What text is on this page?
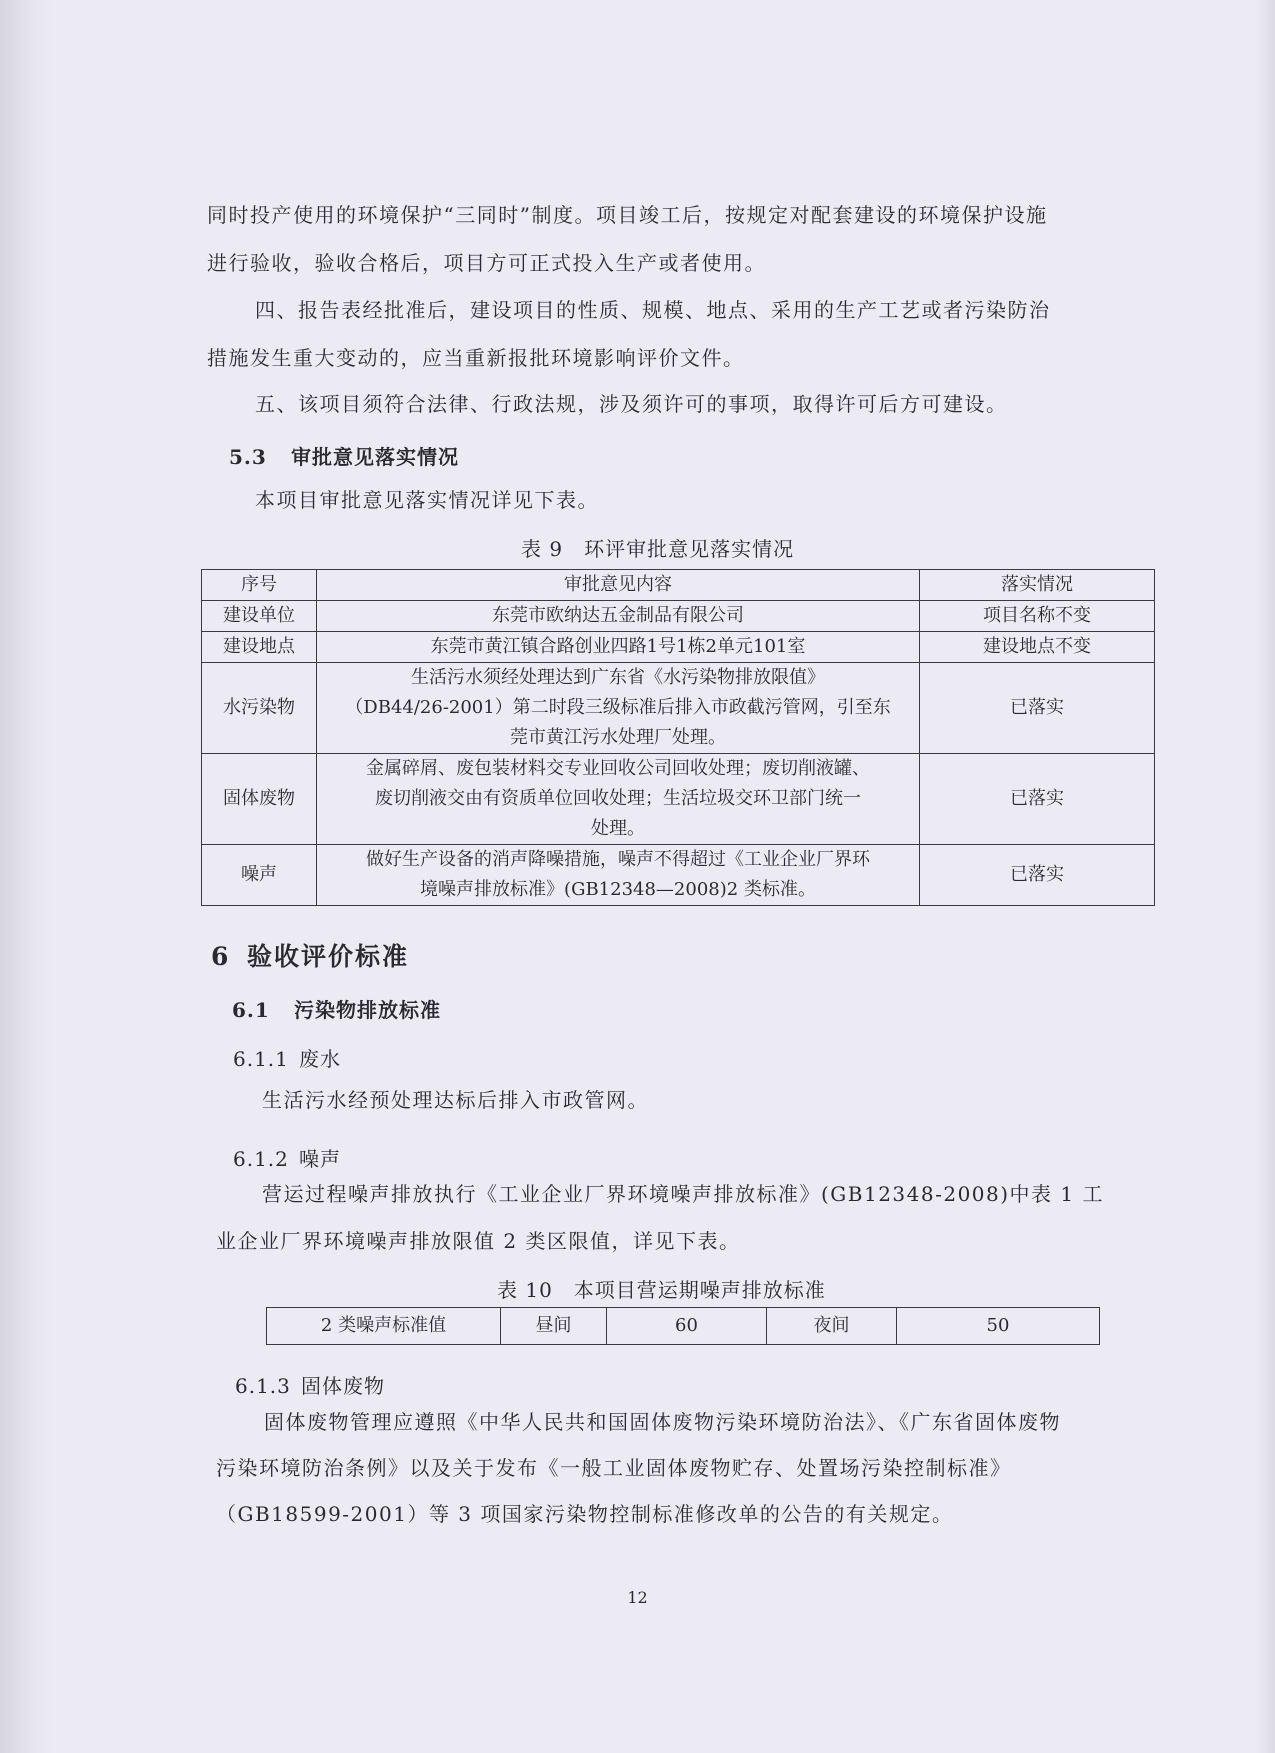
同时投产使用的环境保护“三同时”制度。项目竣工后，按规定对配套建设的环境保护设施
进行验收，验收合格后，项目方可正式投入生产或者使用。
四、报告表经批准后，建设项目的性质、规模、地点、采用的生产工艺或者污染防治
措施发生重大变动的，应当重新报批环境影响评价文件。
五、该项目须符合法律、行政法规，涉及须许可的事项，取得许可后方可建设。
5.3 审批意见落实情况
本项目审批意见落实情况详见下表。
表 9　环评审批意见落实情况
序号	审批意见内容	落实情况
建设单位	东莞市欧纳达五金制品有限公司	项目名称不变
建设地点	东莞市黄江镇合路创业四路1号1栋2单元101室	建设地点不变
水污染物	生活污水须经处理达到广东省《水污染物排放限值》
（DB44/26-2001）第二时段三级标准后排入市政截污管网，引至东
莞市黄江污水处理厂处理。	已落实
固体废物	金属碎屑、废包装材料交专业回收公司回收处理；废切削液罐、
废切削液交由有资质单位回收处理；生活垃圾交环卫部门统一
处理。	已落实
噪声	做好生产设备的消声降噪措施，噪声不得超过《工业企业厂界环
境噪声排放标准》(GB12348—2008)2 类标准。	已落实
6 验收评价标准
6.1 污染物排放标准
6.1.1 废水
生活污水经预处理达标后排入市政管网。
6.1.2 噪声
营运过程噪声排放执行《工业企业厂界环境噪声排放标准》(GB12348-2008)中表 1 工
业企业厂界环境噪声排放限值 2 类区限值，详见下表。
表 10　本项目营运期噪声排放标准
2 类噪声标准值	昼间	60	夜间	50
6.1.3 固体废物
固体废物管理应遵照《中华人民共和国固体废物污染环境防治法》、《广东省固体废物
污染环境防治条例》以及关于发布《一般工业固体废物贮存、处置场污染控制标准》
（GB18599-2001）等 3 项国家污染物控制标准修改单的公告的有关规定。
12
